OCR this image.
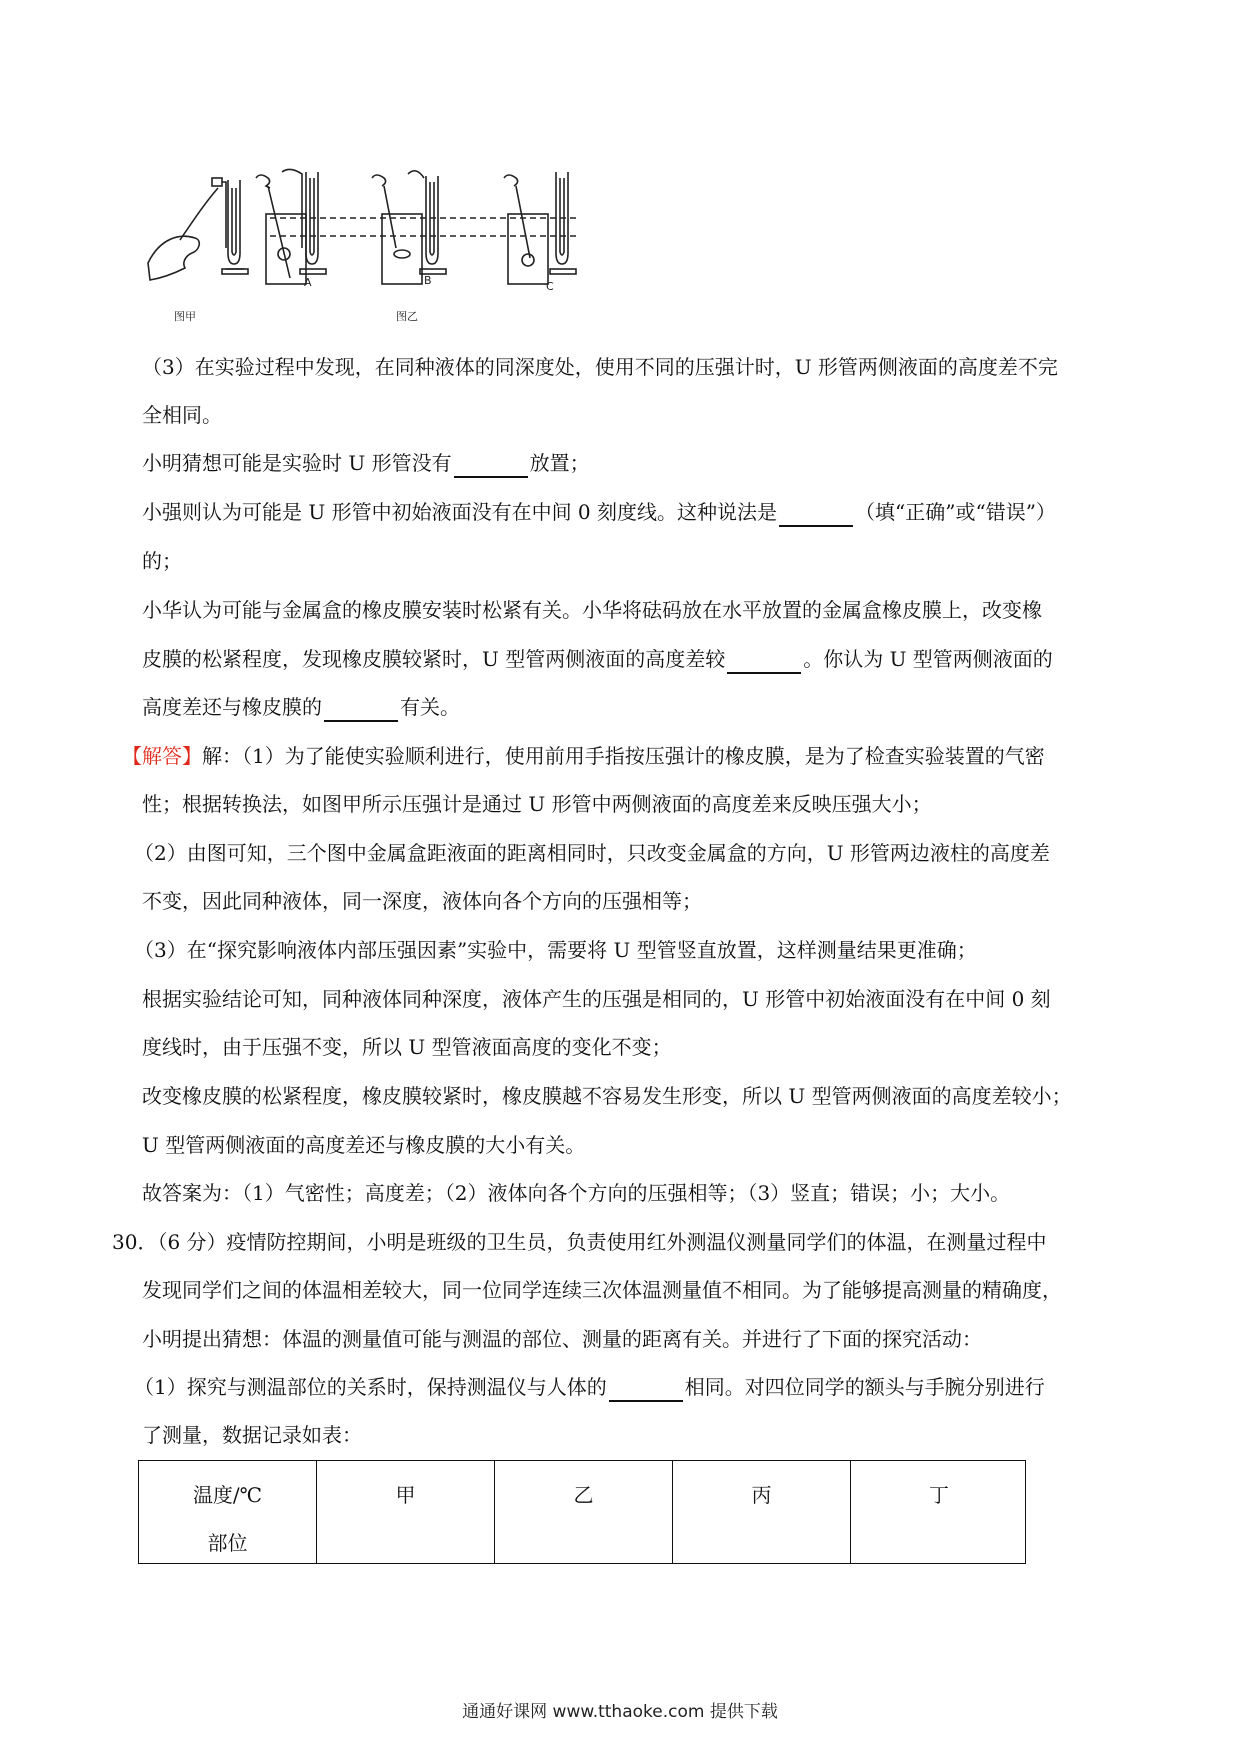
图甲
A
图乙
B	C
（3）在实验过程中发现，在同种液体的同深度处，使用不同的压强计时，U 形管两侧液面的高度差不完
全相同。
小明猜想可能是实验时 U 形管没有	放置；
小强则认为可能是 U 形管中初始液面没有在中间 0 刻度线。这种说法是	（填“正确”或“错误”）
的；
小华认为可能与金属盒的橡皮膜安装时松紧有关。小华将砝码放在水平放置的金属盒橡皮膜上，改变橡
皮膜的松紧程度，发现橡皮膜较紧时，U 型管两侧液面的高度差较	。你认为 U 型管两侧液面的
高度差还与橡皮膜的	有关。
【解答】解：（1）为了能使实验顺利进行，使用前用手指按压强计的橡皮膜，是为了检查实验装置的气密
性；根据转换法，如图甲所示压强计是通过 U 形管中两侧液面的高度差来反映压强大小；
（2）由图可知，三个图中金属盒距液面的距离相同时，只改变金属盒的方向，U 形管两边液柱的高度差
不变，因此同种液体，同一深度，液体向各个方向的压强相等；
（3）在“探究影响液体内部压强因素”实验中，需要将 U 型管竖直放置，这样测量结果更准确；
根据实验结论可知，同种液体同种深度，液体产生的压强是相同的，U 形管中初始液面没有在中间 0 刻
度线时，由于压强不变，所以 U 型管液面高度的变化不变；
改变橡皮膜的松紧程度，橡皮膜较紧时，橡皮膜越不容易发生形变，所以 U 型管两侧液面的高度差较小；
U 型管两侧液面的高度差还与橡皮膜的大小有关。
故答案为：（1）气密性；高度差；（2）液体向各个方向的压强相等；（3）竖直；错误；小；大小。
30．（6 分）疫情防控期间，小明是班级的卫生员，负责使用红外测温仪测量同学们的体温，在测量过程中
发现同学们之间的体温相差较大，同一位同学连续三次体温测量值不相同。为了能够提高测量的精确度，
小明提出猜想：体温的测量值可能与测温的部位、测量的距离有关。并进行了下面的探究活动：
（1）探究与测温部位的关系时，保持测温仪与人体的	相同。对四位同学的额头与手腕分别进行
了测量，数据记录如表：
温度/℃
部位
甲	乙	丙	丁
通通好课网 www.tthaoke.com 提供下载
